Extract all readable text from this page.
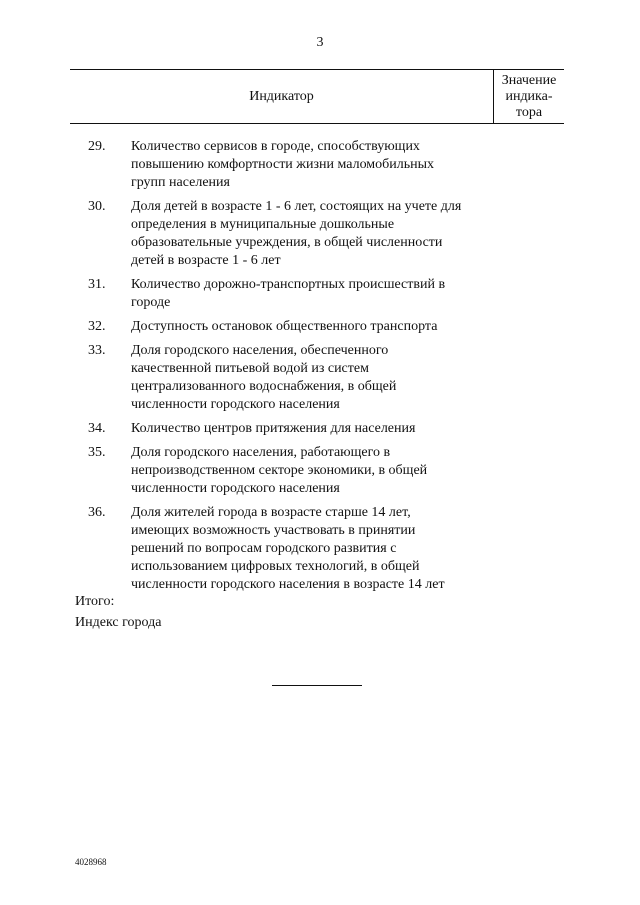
3
Индикатор
Значение
индика-
тора
29. Количество сервисов в городе, способствующих
повышению комфортности жизни маломобильных
групп населения
30. Доля детей в возрасте 1 - 6 лет, состоящих на учете для
определения в муниципальные дошкольные
образовательные учреждения, в общей численности
детей в возрасте 1 - 6 лет
31. Количество дорожно-транспортных происшествий в
городе
32. Доступность остановок общественного транспорта
33. Доля городского населения, обеспеченного
качественной питьевой водой из систем
централизованного водоснабжения, в общей
численности городского населения
34. Количество центров притяжения для населения
35. Доля городского населения, работающего в
непроизводственном секторе экономики, в общей
численности городского населения
36. Доля жителей города в возрасте старше 14 лет,
имеющих возможность участвовать в принятии
решений по вопросам городского развития с
использованием цифровых технологий, в общей
численности городского населения в возрасте 14 лет
Итого:
Индекс города
4028968
